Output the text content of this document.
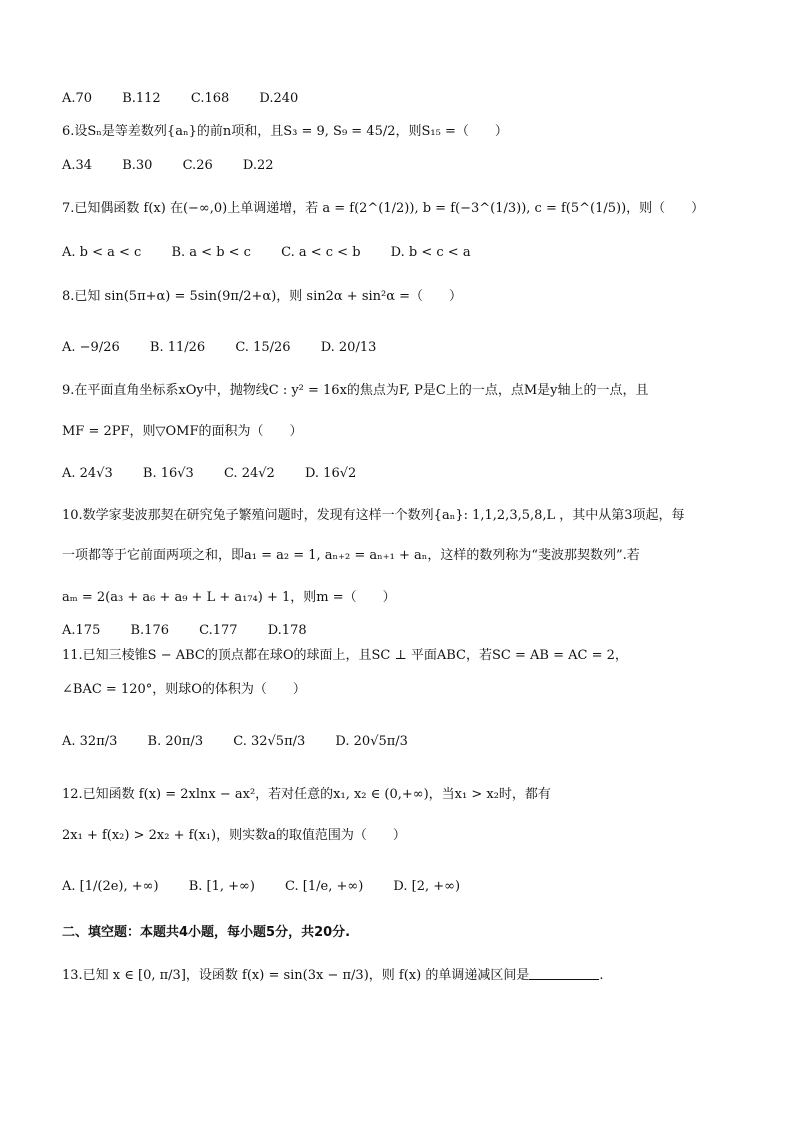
A.70 B.112 C.168 D.240
6.设Sₙ是等差数列{aₙ}的前n项和，且S₃ = 9, S₉ = 45/2，则S₁₅ =（　　）
A.34 B.30 C.26 D.22
7.已知偶函数 f(x) 在(−∞,0)上单调递增，若 a = f(2^(1/2)), b = f(−3^(1/3)), c = f(5^(1/5))，则（　　）
A. b < a < c B. a < b < c C. a < c < b D. b < c < a
8.已知 sin(5π+α) = 5sin(9π/2+α)，则 sin2α + sin²α =（　　）
A. −9/26 B. 11/26 C. 15/26 D. 20/13
9.在平面直角坐标系xOy中，抛物线C : y² = 16x的焦点为F, P是C上的一点，点M是y轴上的一点，且
MF = 2PF，则▽OMF的面积为（　　）
A. 24√3 B. 16√3 C. 24√2 D. 16√2
10.数学家斐波那契在研究兔子繁殖问题时，发现有这样一个数列{aₙ}: 1,1,2,3,5,8,L ，其中从第3项起，每
一项都等于它前面两项之和，即a₁ = a₂ = 1, aₙ₊₂ = aₙ₊₁ + aₙ，这样的数列称为“斐波那契数列”.若
aₘ = 2(a₃ + a₆ + a₉ + L + a₁₇₄) + 1，则m =（　　）
A.175 B.176 C.177 D.178
11.已知三棱锥S − ABC的顶点都在球O的球面上，且SC ⊥ 平面ABC，若SC = AB = AC = 2，
∠BAC = 120°，则球O的体积为（　　）
A. 32π/3 B. 20π/3 C. 32√5π/3 D. 20√5π/3
12.已知函数 f(x) = 2xlnx − ax²，若对任意的x₁, x₂ ∈ (0,+∞)，当x₁ > x₂时，都有
2x₁ + f(x₂) > 2x₂ + f(x₁)，则实数a的取值范围为（　　）
A. [1/(2e), +∞) B. [1, +∞) C. [1/e, +∞) D. [2, +∞)
二、填空题：本题共4小题，每小题5分，共20分.
13.已知 x ∈ [0, π/3]，设函数 f(x) = sin(3x − π/3)，则 f(x) 的单调递减区间是	.
